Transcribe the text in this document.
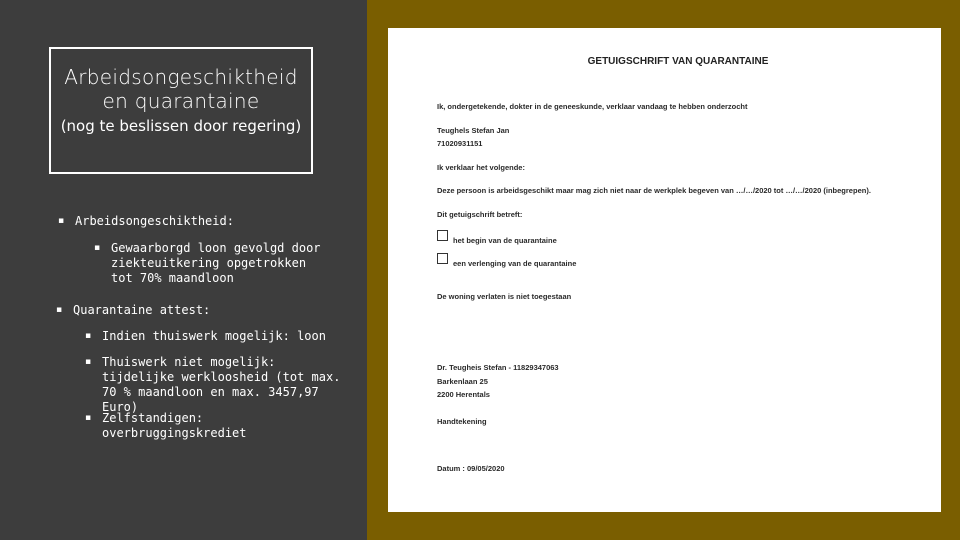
Arbeidsongeschiktheid en quarantaine
(nog te beslissen door regering)
▪ Arbeidsongeschiktheid:
▪ Gewaarborgd loon gevolgd door ziekteuitkering opgetrokken tot 70% maandloon
▪ Quarantaine attest:
▪ Indien thuiswerk mogelijk: loon
▪ Thuiswerk niet mogelijk: tijdelijke werkloosheid (tot max. 70 % maandloon en max. 3457,97 Euro)
▪ Zelfstandigen: overbruggingskrediet
GETUIGSCHRIFT VAN QUARANTAINE
Ik, ondergetekende, dokter in de geneeskunde, verklaar vandaag te hebben onderzocht
Teughels Stefan Jan
71020931151
Ik verklaar het volgende:
Deze persoon is arbeidsgeschikt maar mag zich niet naar de werkplek begeven van …/…/2020 tot …/…/2020 (inbegrepen).
Dit getuigschrift betreft:
het begin van de quarantaine
een verlenging van de quarantaine
De woning verlaten is niet toegestaan
Dr. Teugheis Stefan - 11829347063
Barkenlaan 25
2200 Herentals
Handtekening
Datum : 09/05/2020
